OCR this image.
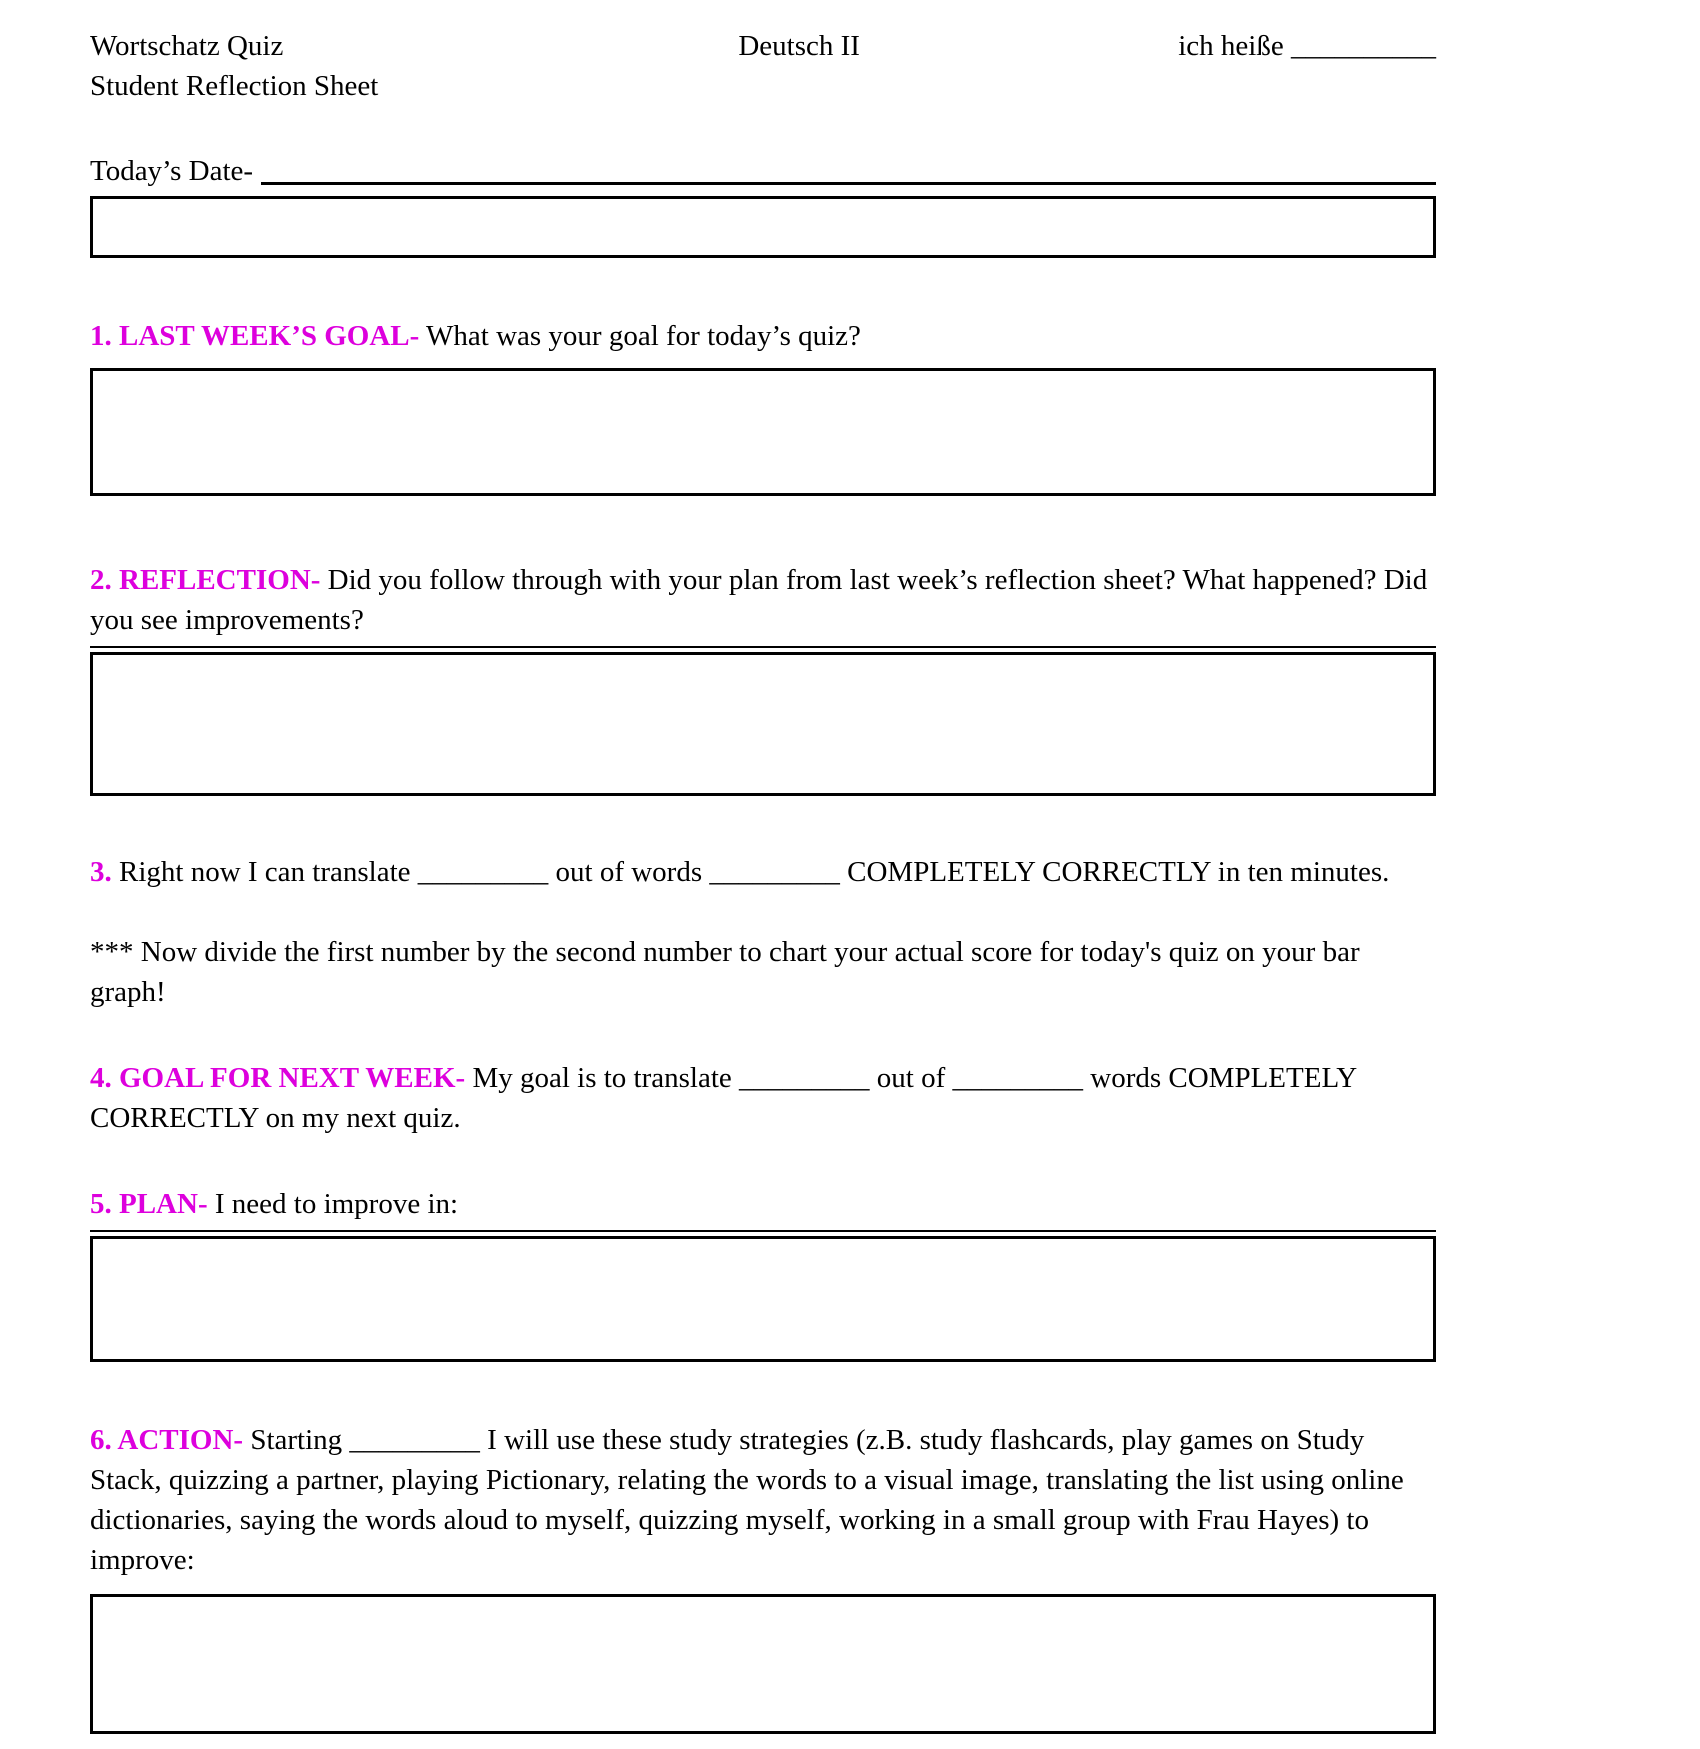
Wortschatz Quiz
Student Reflection Sheet
Deutsch II	ich heiße __________
Today’s Date-

1. LAST WEEK’S GOAL- What was your goal for today’s quiz?

2. REFLECTION- Did you follow through with your plan from last week’s reflection sheet? What happened? Did you see improvements?

3. Right now I can translate _________ out of words _________ COMPLETELY CORRECTLY in ten minutes.

*** Now divide the first number by the second number to chart your actual score for today's quiz on your bar graph!

4. GOAL FOR NEXT WEEK- My goal is to translate _________ out of _________ words COMPLETELY CORRECTLY on my next quiz.

5. PLAN- I need to improve in:

6. ACTION- Starting _________ I will use these study strategies (z.B. study flashcards, play games on Study Stack, quizzing a partner, playing Pictionary, relating the words to a visual image, translating the list using online dictionaries, saying the words aloud to myself, quizzing myself, working in a small group with Frau Hayes) to improve:
